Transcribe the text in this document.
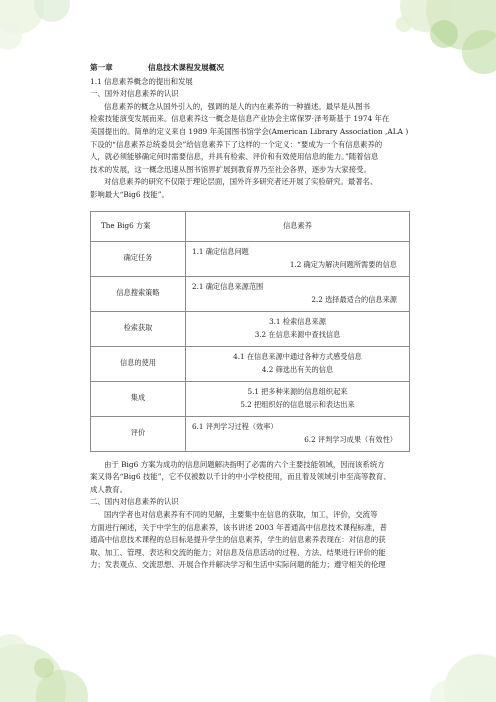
第一章	信息技术课程发展概况
1.1 信息素养概念的提出和发展
一、国外对信息素养的认识
信息素养的概念从国外引入的，强调的是人的内在素养的一种描述。最早是从图书
检索技能演变发展而来。信息素养这一概念是信息产业协会主席保罗·泽考斯基于 1974 年在
美国提出的。简单的定义来自 1989 年美国图书馆学会(American Library Association ,ALA )
下设的“信息素养总统委员会”给信息素养下了这样的一个定义：“要成为一个有信息素养的
人，就必须能够确定何时需要信息，并具有检索、评价和有效使用信息的能力。”随着信息
技术的发展，这一概念迅速从图书馆界扩展到教育界乃至社会各界，逐步为大家接受。
对信息素养的研究不仅限于理论层面，国外许多研究者还开展了实验研究。最著名、
影响最大“Big6 技能”。
The Big6 方案	信息素养
确定任务	1.1 确定信息问题
1.2 确定为解决问题所需要的信息

信息搜索策略	2.1 确定信息来源范围
2.2 选择最适合的信息来源

检索获取	3.1 检索信息来源
3.2 在信息来源中查找信息

信息的使用	4.1 在信息来源中通过各种方式感受信息
4.2 筛选出有关的信息

集成	5.1 把多种来源的信息组织起来
5.2 把组织好的信息展示和表达出来

评价	6.1 评判学习过程（效率）
6.2 评判学习成果（有效性）
由于 Big6 方案为成功的信息问题解决指明了必需的六个主要技能领域，因而该系统方
案又得名“Big6 技能”，它不仅被数以千计的中小学校使用，而且着及领域引申至高等教育、
成人教育。
二、国内对信息素养的认识
国内学者也对信息素养有不同的见解，主要集中在信息的获取，加工，评价，交流等
方面进行阐述，关于中学生的信息素养，该书讲述 2003 年普通高中信息技术课程标准，普
通高中信息技术课程的总目标是提升学生的信息素养，学生的信息素养表现在：对信息的获
取、加工、管理、表达和交流的能力；对信息及信息活动的过程、方法、结果进行评价的能
力；发表观点、交流思想、开展合作并解决学习和生活中实际问题的能力；遵守相关的伦理
